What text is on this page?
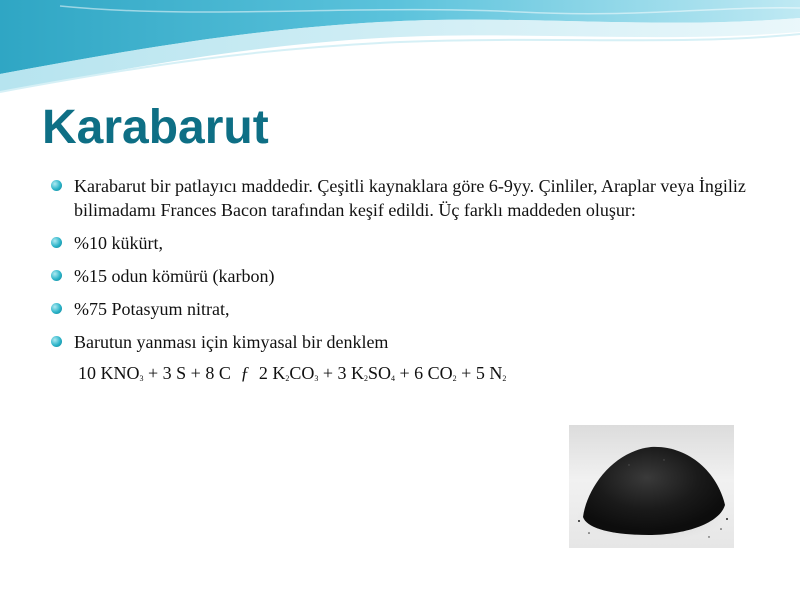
Karabarut
Karabarut bir patlayıcı maddedir. Çeşitli kaynaklara göre 6-9yy. Çinliler, Araplar veya İngiliz bilimadamı Frances Bacon tarafından keşif edildi. Üç farklı maddeden oluşur:
%10 kükürt,
%15 odun kömürü (karbon)
%75 Potasyum nitrat,
Barutun yanması için kimyasal bir denklem
10 $KNO_3 + 3$ S + 8 C ƒ 2 $K_2CO_3 + 3$ $K_2SO_4 + 6$ $CO_2 + 5$ $N_2$
